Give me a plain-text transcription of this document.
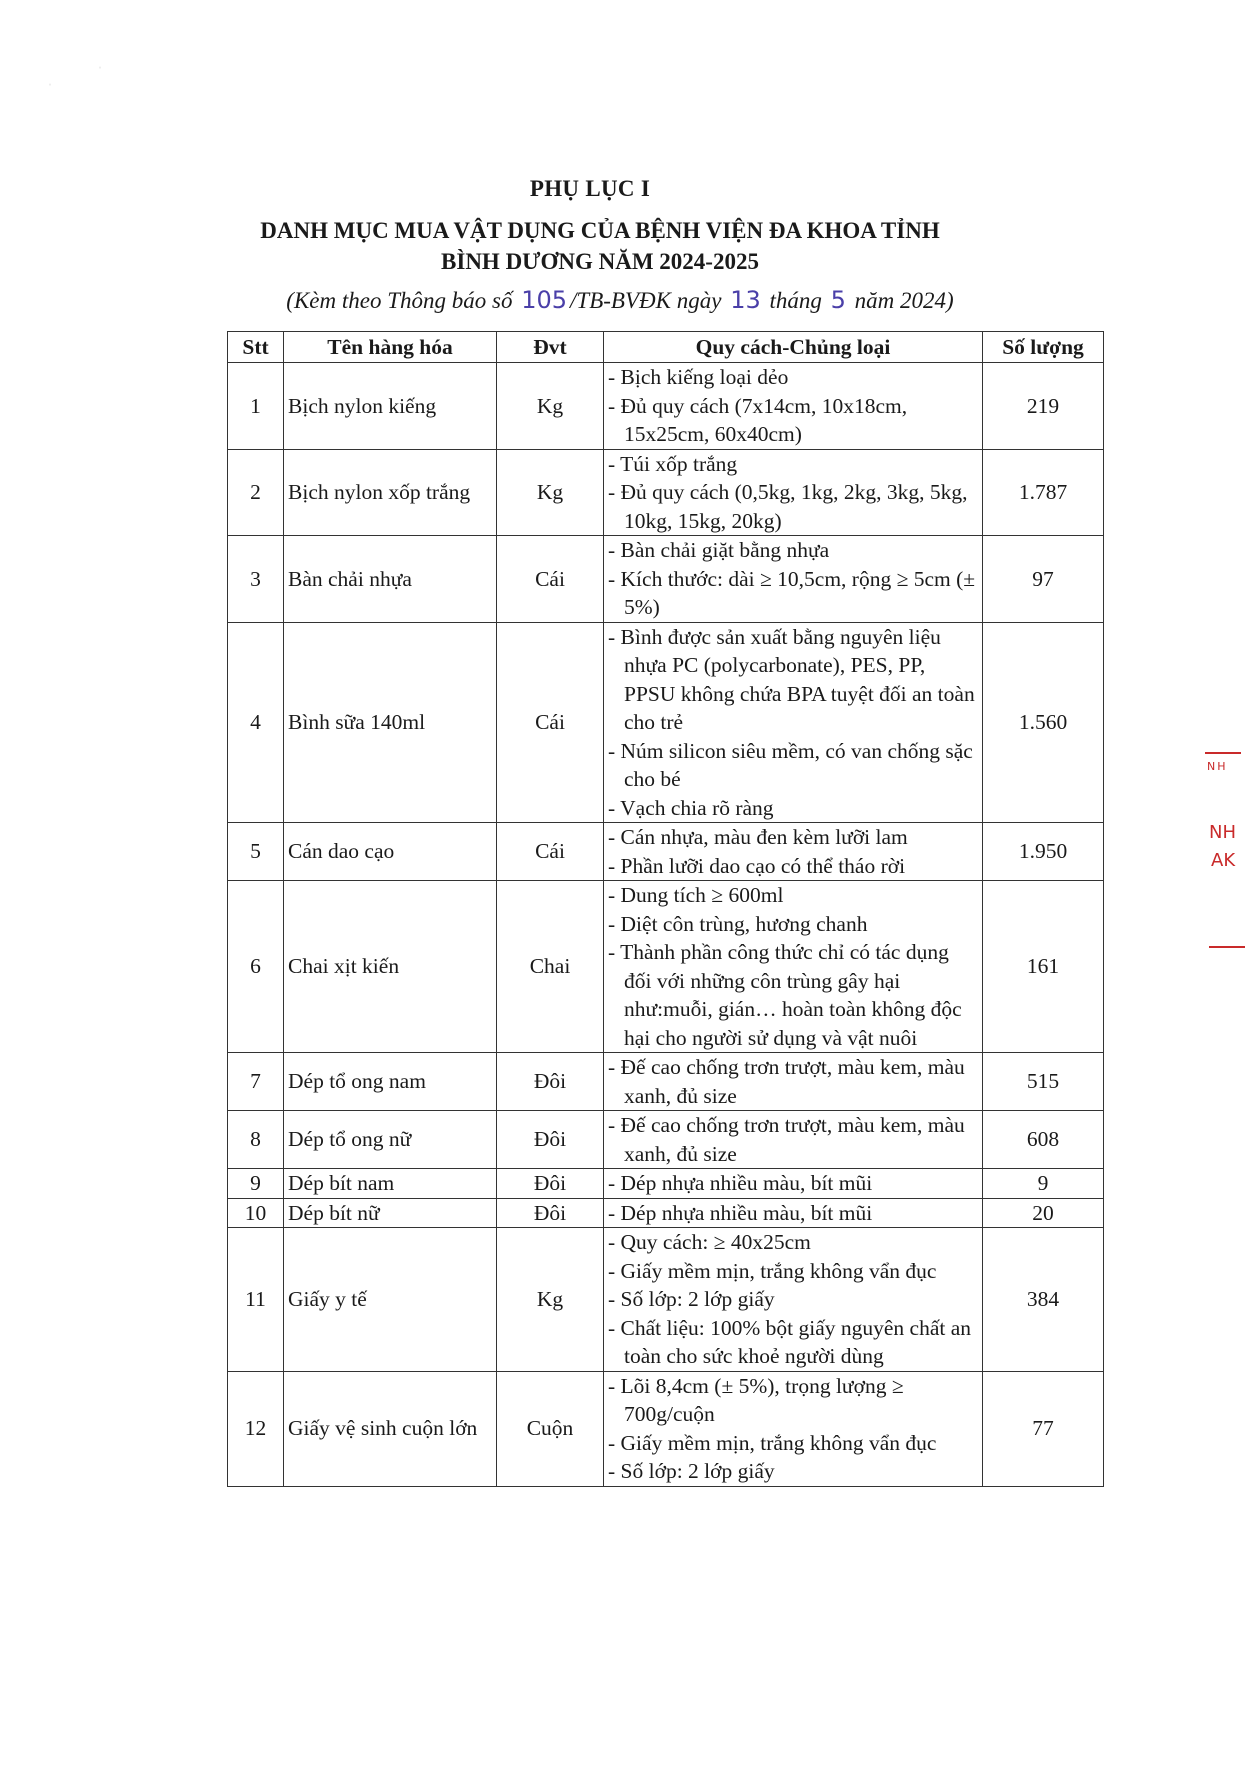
ˌ
ˈ
PHỤ LỤC I
DANH MỤC MUA VẬT DỤNG CỦA BỆNH VIỆN ĐA KHOA TỈNH
BÌNH DƯƠNG NĂM 2024-2025
(Kèm theo Thông báo số 105 /TB-BVĐK ngày 13 tháng 5 năm 2024)
Stt	Tên hàng hóa	Đvt	Quy cách-Chủng loại	Số lượng
1	Bịch nylon kiếng	Kg	- Bịch kiếng loại dẻo
- Đủ quy cách (7x14cm, 10x18cm, 15x25cm, 60x40cm)	219
2	Bịch nylon xốp trắng	Kg	- Túi xốp trắng
- Đủ quy cách (0,5kg, 1kg, 2kg, 3kg, 5kg, 10kg, 15kg, 20kg)	1.787
3	Bàn chải nhựa	Cái	- Bàn chải giặt bằng nhựa
- Kích thước: dài ≥ 10,5cm, rộng ≥ 5cm (± 5%)	97
4	Bình sữa 140ml	Cái	- Bình được sản xuất bằng nguyên liệu nhựa PC (polycarbonate), PES, PP, PPSU không chứa BPA tuyệt đối an toàn cho trẻ
- Núm silicon siêu mềm, có van chống sặc cho bé
- Vạch chia rõ ràng	1.560
5	Cán dao cạo	Cái	- Cán nhựa, màu đen kèm lưỡi lam
- Phần lưỡi dao cạo có thể tháo rời	1.950
6	Chai xịt kiến	Chai	- Dung tích ≥ 600ml
- Diệt côn trùng, hương chanh
- Thành phần công thức chỉ có tác dụng đối với những côn trùng gây hại như:muỗi, gián… hoàn toàn không độc hại cho người sử dụng và vật nuôi	161
7	Dép tổ ong nam	Đôi	- Đế cao chống trơn trượt, màu kem, màu xanh, đủ size	515
8	Dép tổ ong nữ	Đôi	- Đế cao chống trơn trượt, màu kem, màu xanh, đủ size	608
9	Dép bít nam	Đôi	- Dép nhựa nhiều màu, bít mũi	9
10	Dép bít nữ	Đôi	- Dép nhựa nhiều màu, bít mũi	20
11	Giấy y tế	Kg	- Quy cách: ≥ 40x25cm
- Giấy mềm mịn, trắng không vẩn đục
- Số lớp: 2 lớp giấy
- Chất liệu: 100% bột giấy nguyên chất an toàn cho sức khoẻ người dùng	384
12	Giấy vệ sinh cuộn lớn	Cuộn	- Lõi 8,4cm (± 5%), trọng lượng ≥ 700g/cuộn
- Giấy mềm mịn, trắng không vẩn đục
- Số lớp: 2 lớp giấy	77
NH
NH
AK
